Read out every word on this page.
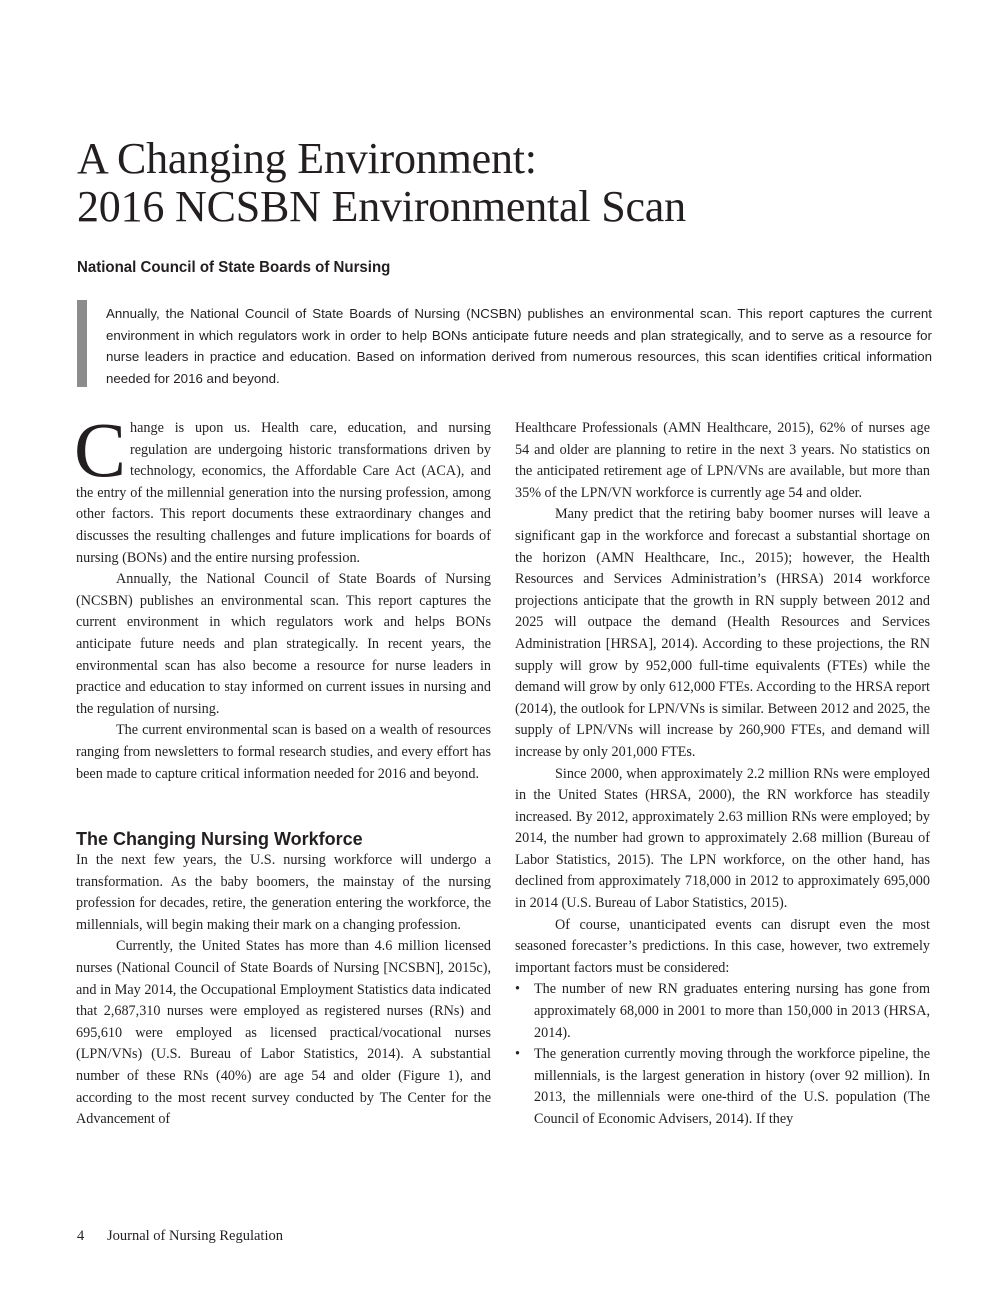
A Changing Environment:
2016 NCSBN Environmental Scan
National Council of State Boards of Nursing

Annually, the National Council of State Boards of Nursing (NCSBN) publishes an environmental scan. This report captures the current environment in which regulators work in order to help BONs anticipate future needs and plan strategically, and to serve as a resource for nurse leaders in practice and education. Based on information derived from numerous resources, this scan identifies critical information needed for 2016 and beyond.

Change is upon us. Health care, education, and nursing regulation are undergoing historic transformations driven by technology, economics, the Affordable Care Act (ACA), and the entry of the millennial generation into the nursing profession, among other factors. This report documents these extraordinary changes and discusses the resulting challenges and future implications for boards of nursing (BONs) and the entire nursing profession.

Annually, the National Council of State Boards of Nursing (NCSBN) publishes an environmental scan. This report captures the current environment in which regulators work and helps BONs anticipate future needs and plan strategically. In recent years, the environmental scan has also become a resource for nurse leaders in practice and education to stay informed on current issues in nursing and the regulation of nursing.

The current environmental scan is based on a wealth of resources ranging from newsletters to formal research studies, and every effort has been made to capture critical information needed for 2016 and beyond.

The Changing Nursing Workforce

In the next few years, the U.S. nursing workforce will undergo a transformation. As the baby boomers, the mainstay of the nursing profession for decades, retire, the generation entering the workforce, the millennials, will begin making their mark on a changing profession.

Currently, the United States has more than 4.6 million licensed nurses (National Council of State Boards of Nursing [NCSBN], 2015c), and in May 2014, the Occupational Employment Statistics data indicated that 2,687,310 nurses were employed as registered nurses (RNs) and 695,610 were employed as licensed practical/vocational nurses (LPN/VNs) (U.S. Bureau of Labor Statistics, 2014). A substantial number of these RNs (40%) are age 54 and older (Figure 1), and according to the most recent survey conducted by The Center for the Advancement of

Healthcare Professionals (AMN Healthcare, 2015), 62% of nurses age 54 and older are planning to retire in the next 3 years. No statistics on the anticipated retirement age of LPN/VNs are available, but more than 35% of the LPN/VN workforce is currently age 54 and older.

Many predict that the retiring baby boomer nurses will leave a significant gap in the workforce and forecast a substantial shortage on the horizon (AMN Healthcare, Inc., 2015); however, the Health Resources and Services Administration’s (HRSA) 2014 workforce projections anticipate that the growth in RN supply between 2012 and 2025 will outpace the demand (Health Resources and Services Administration [HRSA], 2014). According to these projections, the RN supply will grow by 952,000 full-time equivalents (FTEs) while the demand will grow by only 612,000 FTEs. According to the HRSA report (2014), the outlook for LPN/VNs is similar. Between 2012 and 2025, the supply of LPN/VNs will increase by 260,900 FTEs, and demand will increase by only 201,000 FTEs.

Since 2000, when approximately 2.2 million RNs were employed in the United States (HRSA, 2000), the RN workforce has steadily increased. By 2012, approximately 2.63 million RNs were employed; by 2014, the number had grown to approximately 2.68 million (Bureau of Labor Statistics, 2015). The LPN workforce, on the other hand, has declined from approximately 718,000 in 2012 to approximately 695,000 in 2014 (U.S. Bureau of Labor Statistics, 2015).

Of course, unanticipated events can disrupt even the most seasoned forecaster’s predictions. In this case, however, two extremely important factors must be considered:

• The number of new RN graduates entering nursing has gone from approximately 68,000 in 2001 to more than 150,000 in 2013 (HRSA, 2014).
• The generation currently moving through the workforce pipeline, the millennials, is the largest generation in history (over 92 million). In 2013, the millennials were one-third of the U.S. population (The Council of Economic Advisers, 2014). If they
4 Journal of Nursing Regulation
